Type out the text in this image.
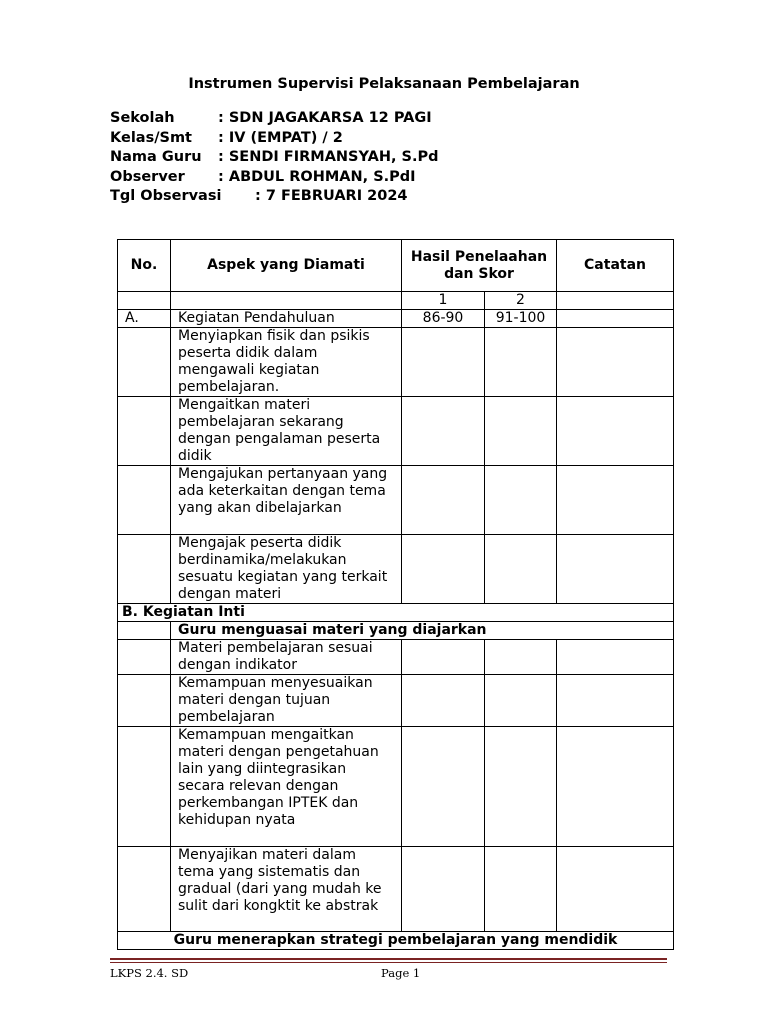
Instrumen Supervisi Pelaksanaan Pembelajaran
Sekolah	: SDN JAGAKARSA 12 PAGI
Kelas/Smt	: IV (EMPAT) / 2
Nama Guru	: SENDI FIRMANSYAH, S.Pd
Observer	: ABDUL ROHMAN, S.PdI
Tgl Observasi	: 7 FEBRUARI 2024
No.	Aspek yang Diamati	Hasil Penelaahan dan Skor		Catatan
		1	2	
A.	Kegiatan Pendahuluan	86-90	91-100	
	Menyiapkan fisik dan psikis peserta didik dalam mengawali kegiatan pembelajaran.			
	Mengaitkan materi pembelajaran sekarang dengan pengalaman peserta didik			
	Mengajukan pertanyaan yang ada keterkaitan dengan tema yang akan dibelajarkan			
	Mengajak peserta didik berdinamika/melakukan sesuatu kegiatan yang terkait dengan materi			
B. Kegiatan Inti				
	Guru menguasai materi yang diajarkan			
	Materi pembelajaran sesuai dengan indikator			
	Kemampuan menyesuaikan materi dengan tujuan pembelajaran			
	Kemampuan mengaitkan materi dengan pengetahuan lain yang diintegrasikan secara relevan dengan perkembangan IPTEK dan kehidupan nyata			
	Menyajikan materi dalam tema yang sistematis dan gradual (dari yang mudah ke sulit dari kongktit ke abstrak			
Guru menerapkan strategi pembelajaran yang mendidik				
LKPS 2.4. SD	Page 1
